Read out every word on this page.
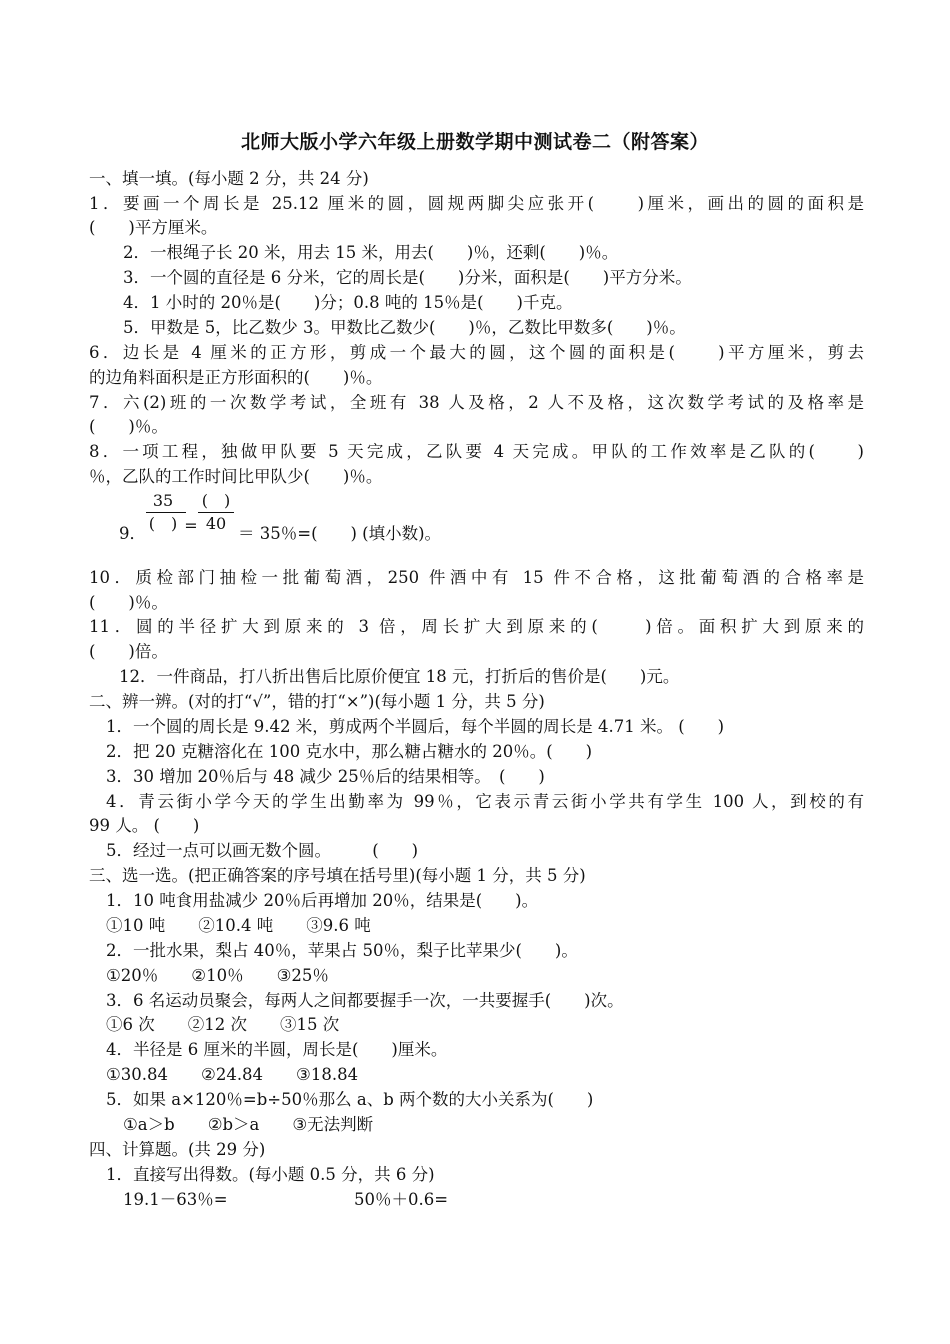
北师大版小学六年级上册数学期中测试卷二（附答案）
一、填一填。(每小题 2 分，共 24 分)
1．要画一个周长是 25.12 厘米的圆，圆规两脚尖应张开(　　)厘米，画出的圆的面积是
(　　)平方厘米。
2．一根绳子长 20 米，用去 15 米，用去(　　)％，还剩(　　)％。
3．一个圆的直径是 6 分米，它的周长是(　　)分米，面积是(　　)平方分米。
4．1 小时的 20％是(　　)分；0.8 吨的 15％是(　　)千克。
5．甲数是 5，比乙数少 3。甲数比乙数少(　　)％，乙数比甲数多(　　)％。
6．边长是 4 厘米的正方形，剪成一个最大的圆，这个圆的面积是(　　)平方厘米，剪去
的边角料面积是正方形面积的(　　)％。
7．六(2)班的一次数学考试，全班有 38 人及格，2 人不及格，这次数学考试的及格率是
(　　)％。
8．一项工程，独做甲队要 5 天完成，乙队要 4 天完成。甲队的工作效率是乙队的(　　)
％，乙队的工作时间比甲队少(　　)％。
35
(　) =
(　)
40
9．	＝ 35％=(　　) (填小数)。
10．质检部门抽检一批葡萄酒，250 件酒中有 15 件不合格，这批葡萄酒的合格率是
(　　)％。
11．圆的半径扩大到原来的 3 倍，周长扩大到原来的(　　)倍。面积扩大到原来的
(　　)倍。
12．一件商品，打八折出售后比原价便宜 18 元，打折后的售价是(　　)元。
二、辨一辨。(对的打“√”，错的打“×”)(每小题 1 分，共 5 分)
1．一个圆的周长是 9.42 米，剪成两个半圆后，每个半圆的周长是 4.71 米。 (　　)
2．把 20 克糖溶化在 100 克水中，那么糖占糖水的 20％。(　　)
3．30 增加 20％后与 48 减少 25％后的结果相等。　(　　)
4．青云街小学今天的学生出勤率为 99％，它表示青云街小学共有学生 100 人，到校的有
99 人。 (　　)
5．经过一点可以画无数个圆。　　　(　　)
三、选一选。(把正确答案的序号填在括号里)(每小题 1 分，共 5 分)
1．10 吨食用盐减少 20％后再增加 20％，结果是(　　)。
①10 吨　　②10.4 吨　　③9.6 吨
2．一批水果，梨占 40％，苹果占 50％，梨子比苹果少(　　)。
①20％　　②10％　　③25％
3．6 名运动员聚会，每两人之间都要握手一次，一共要握手(　　)次。
①6 次　　②12 次　　③15 次
4．半径是 6 厘米的半圆，周长是(　　)厘米。
①30.84　　②24.84　　③18.84
5．如果 a×120％=b÷50％那么 a、b 两个数的大小关系为(　　)
①a＞b　　②b＞a　　③无法判断
四、计算题。(共 29 分)
1．直接写出得数。(每小题 0.5 分，共 6 分)
19.1－63％=	50％＋0.6=
